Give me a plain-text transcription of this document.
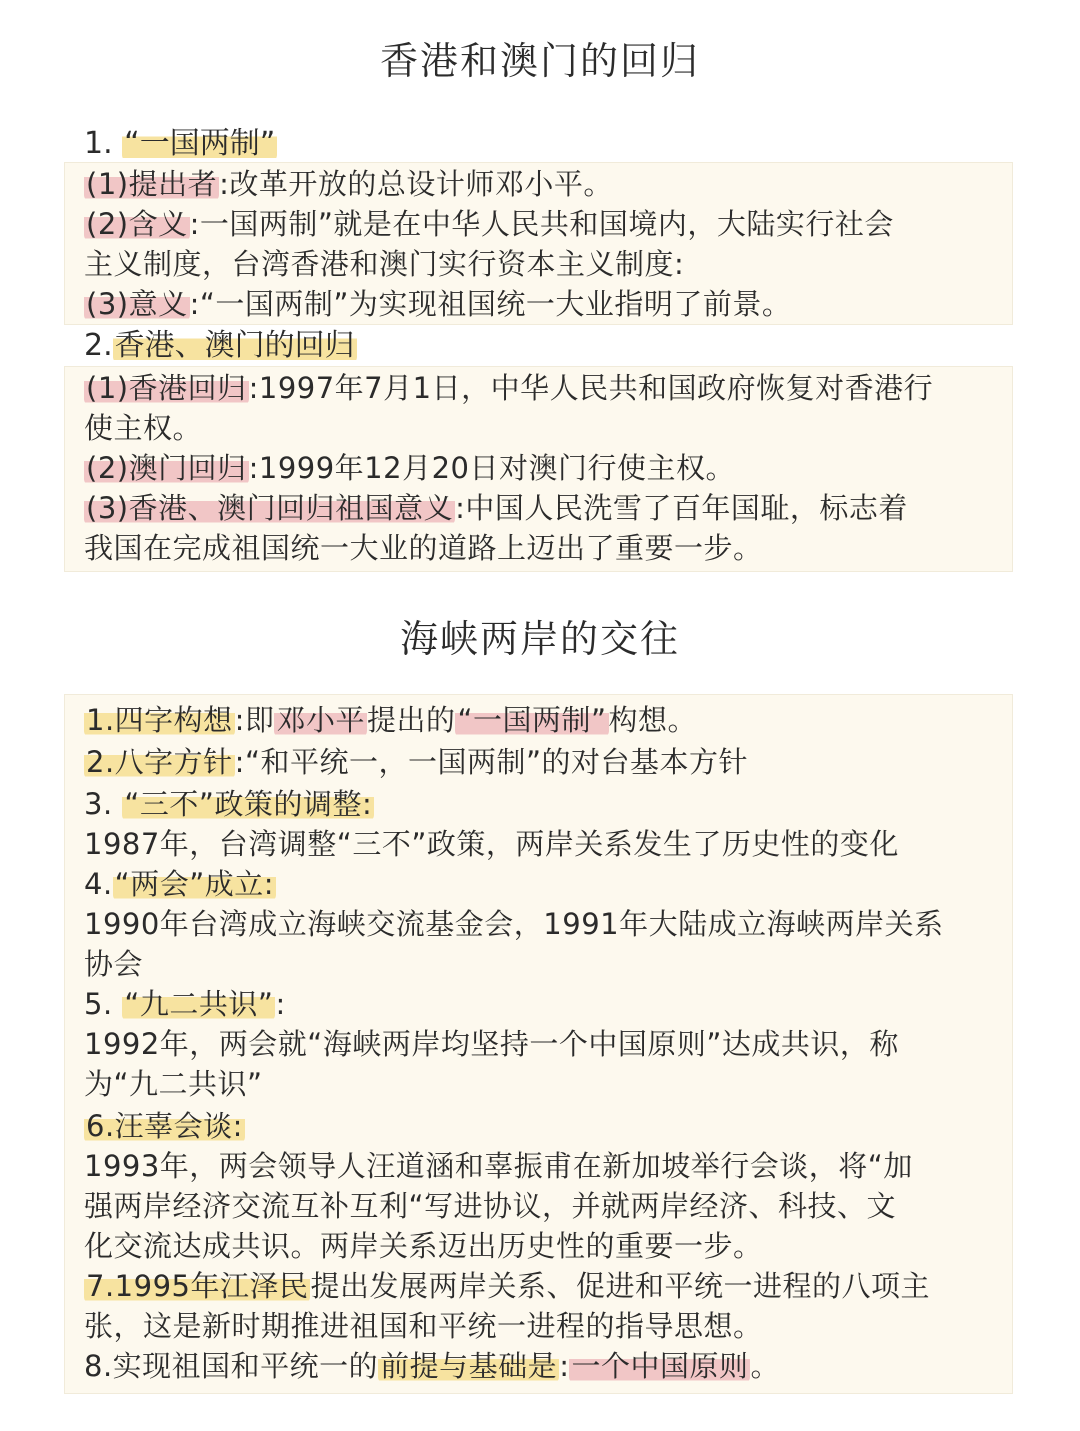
香港和澳门的回归
1. “一国两制”
(1)提出者:改革开放的总设计师邓小平。
(2)含义:一国两制”就是在中华人民共和国境内，大陆实行社会
主义制度，台湾香港和澳门实行资本主义制度:
(3)意义:“一国两制”为实现祖国统一大业指明了前景。
2.香港、澳门的回归
(1)香港回归:1997年7月1日，中华人民共和国政府恢复对香港行
使主权。
(2)澳门回归:1999年12月20日对澳门行使主权。
(3)香港、澳门回归祖国意义:中国人民洗雪了百年国耻，标志着
我国在完成祖国统一大业的道路上迈出了重要一步。
海峡两岸的交往
1.四字构想:即邓小平提出的“一国两制”构想。
2.八字方针:“和平统一，一国两制”的对台基本方针
3. “三不”政策的调整:
1987年，台湾调整“三不”政策，两岸关系发生了历史性的变化
4.“两会”成立:
1990年台湾成立海峡交流基金会，1991年大陆成立海峡两岸关系
协会
5. “九二共识”:
1992年，两会就“海峡两岸均坚持一个中国原则”达成共识，称
为“九二共识”
6.汪辜会谈:
1993年，两会领导人汪道涵和辜振甫在新加坡举行会谈，将“加
强两岸经济交流互补互利“写进协议，并就两岸经济、科技、文
化交流达成共识。两岸关系迈出历史性的重要一步。
7.1995年江泽民提出发展两岸关系、促进和平统一进程的八项主
张，这是新时期推进祖国和平统一进程的指导思想。
8.实现祖国和平统一的前提与基础是:一个中国原则。
